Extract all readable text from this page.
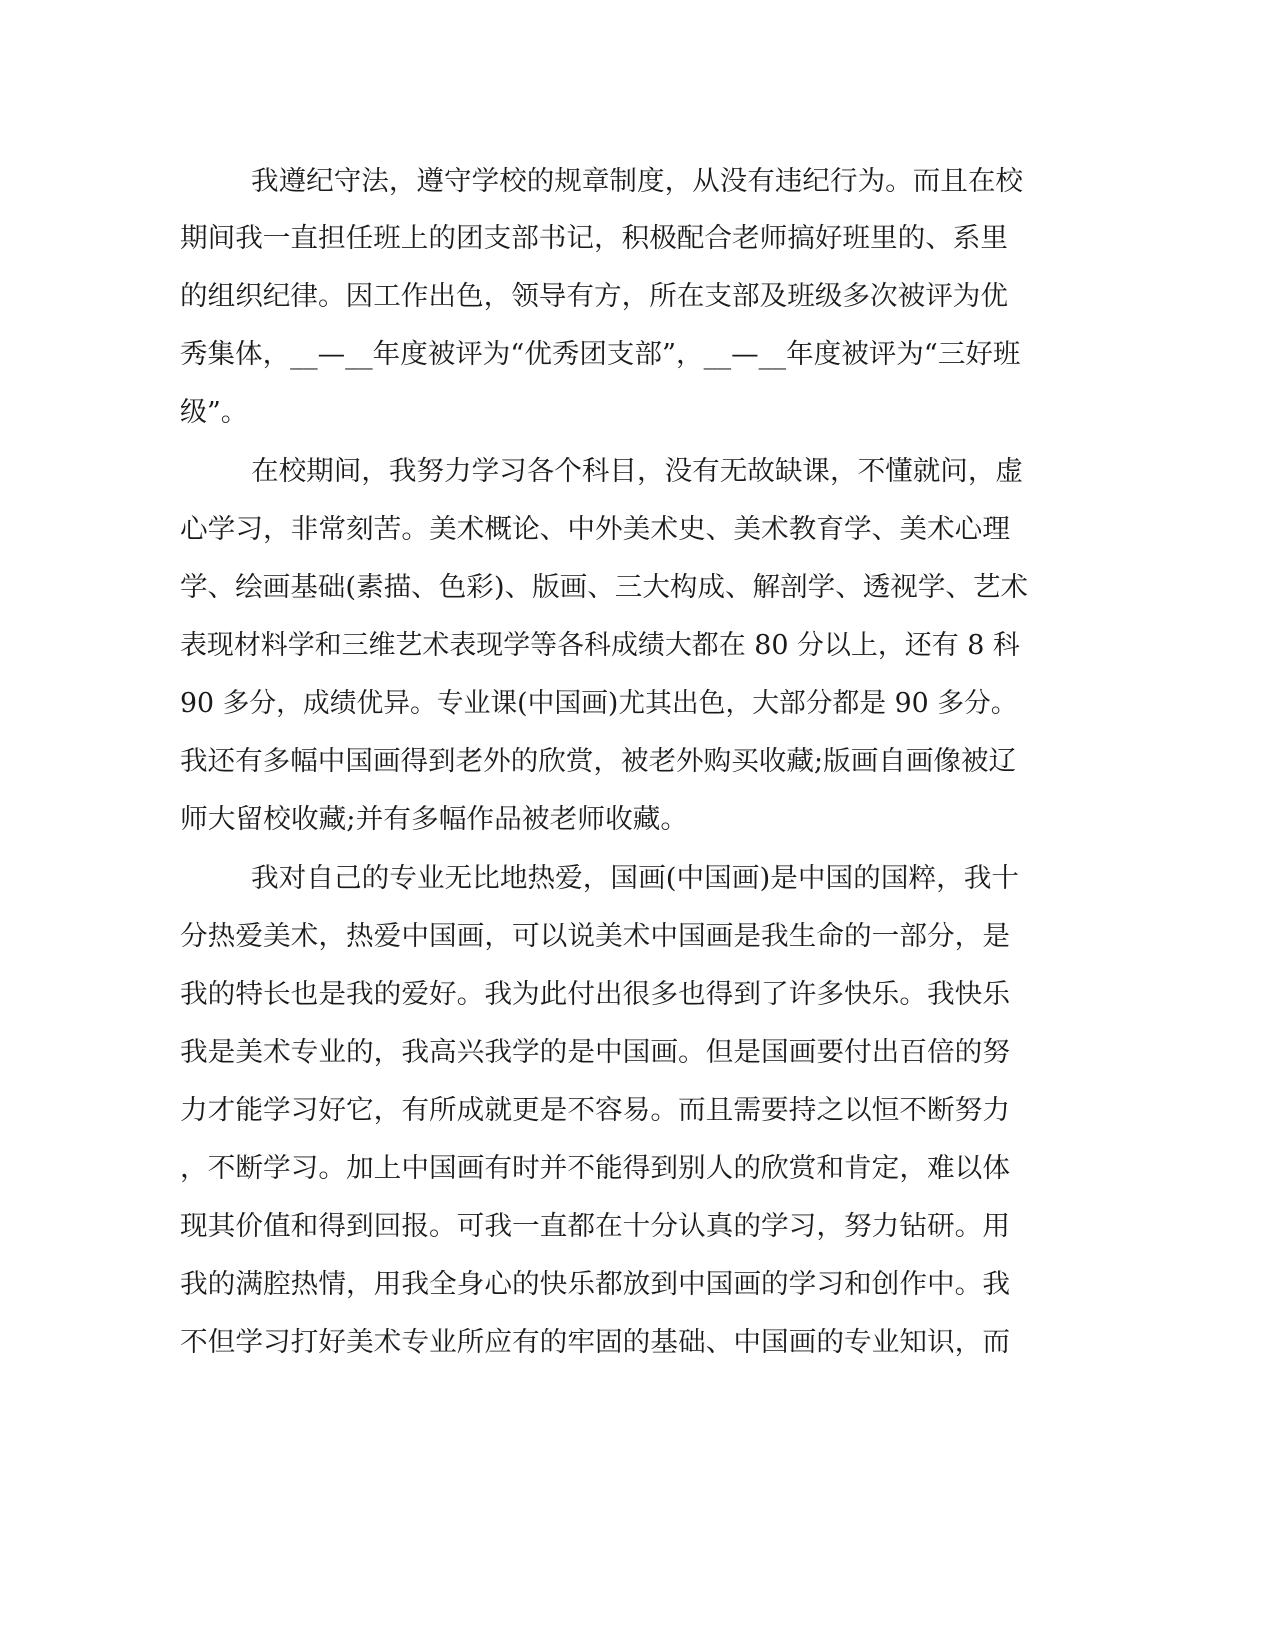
我遵纪守法，遵守学校的规章制度，从没有违纪行为。而且在校
期间我一直担任班上的团支部书记，积极配合老师搞好班里的、系里
的组织纪律。因工作出色，领导有方，所在支部及班级多次被评为优
秀集体，__—__年度被评为“优秀团支部”，__—__年度被评为“三好班
级”。
在校期间，我努力学习各个科目，没有无故缺课，不懂就问，虚
心学习，非常刻苦。美术概论、中外美术史、美术教育学、美术心理
学、绘画基础(素描、色彩)、版画、三大构成、解剖学、透视学、艺术
表现材料学和三维艺术表现学等各科成绩大都在 80 分以上，还有 8 科
90 多分，成绩优异。专业课(中国画)尤其出色，大部分都是 90 多分。
我还有多幅中国画得到老外的欣赏，被老外购买收藏;版画自画像被辽
师大留校收藏;并有多幅作品被老师收藏。
我对自己的专业无比地热爱，国画(中国画)是中国的国粹，我十
分热爱美术，热爱中国画，可以说美术中国画是我生命的一部分，是
我的特长也是我的爱好。我为此付出很多也得到了许多快乐。我快乐
我是美术专业的，我高兴我学的是中国画。但是国画要付出百倍的努
力才能学习好它，有所成就更是不容易。而且需要持之以恒不断努力
，不断学习。加上中国画有时并不能得到别人的欣赏和肯定，难以体
现其价值和得到回报。可我一直都在十分认真的学习，努力钻研。用
我的满腔热情，用我全身心的快乐都放到中国画的学习和创作中。我
不但学习打好美术专业所应有的牢固的基础、中国画的专业知识，而
